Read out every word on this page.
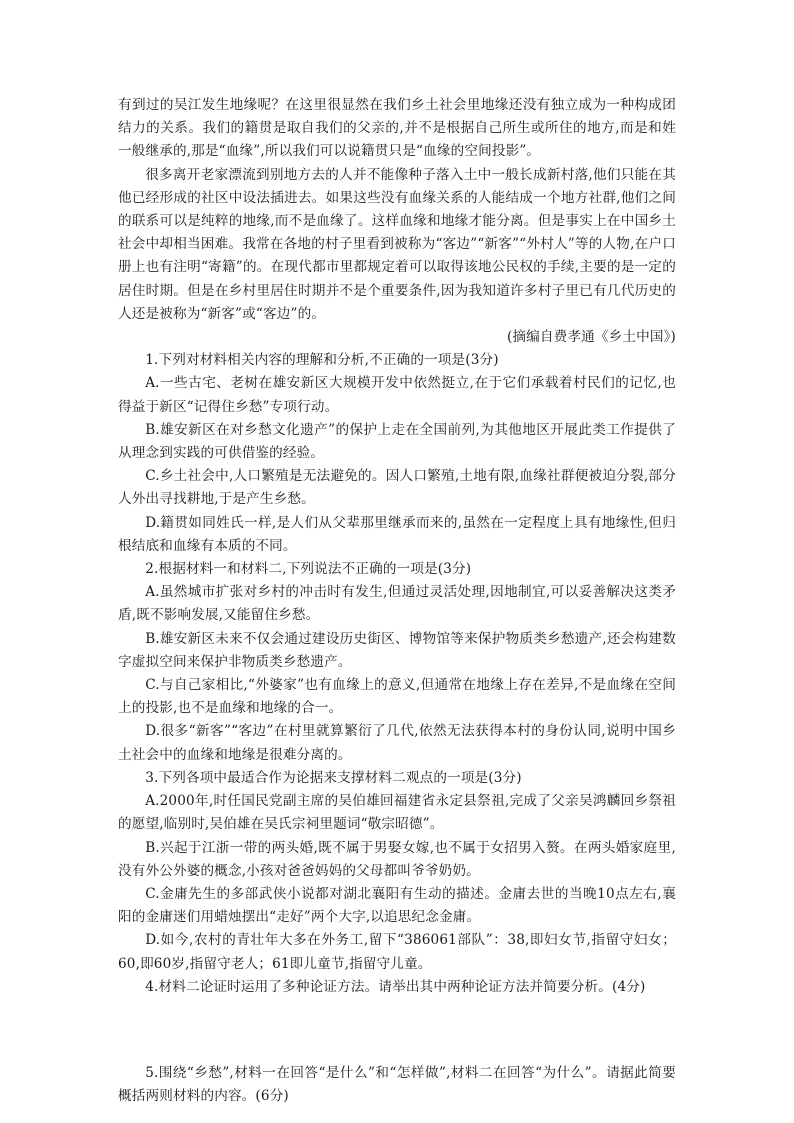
有到过的吴江发生地缘呢？在这里很显然在我们乡土社会里地缘还没有独立成为一种构成团结力的关系。我们的籍贯是取自我们的父亲的,并不是根据自己所生或所住的地方,而是和姓一般继承的,那是“血缘”,所以我们可以说籍贯只是“血缘的空间投影”。

很多离开老家漂流到别地方去的人并不能像种子落入土中一般长成新村落,他们只能在其他已经形成的社区中设法插进去。如果这些没有血缘关系的人能结成一个地方社群,他们之间的联系可以是纯粹的地缘,而不是血缘了。这样血缘和地缘才能分离。但是事实上在中国乡土社会中却相当困难。我常在各地的村子里看到被称为“客边”“新客”“外村人”等的人物,在户口册上也有注明“寄籍”的。在现代都市里都规定着可以取得该地公民权的手续,主要的是一定的居住时期。但是在乡村里居住时期并不是个重要条件,因为我知道许多村子里已有几代历史的人还是被称为“新客”或“客边”的。

(摘编自费孝通《乡土中国》)

1.下列对材料相关内容的理解和分析,不正确的一项是(3分)

A.一些古宅、老树在雄安新区大规模开发中依然挺立,在于它们承载着村民们的记忆,也得益于新区“记得住乡愁”专项行动。

B.雄安新区在对乡愁文化遗产”的保护上走在全国前列,为其他地区开展此类工作提供了从理念到实践的可供借鉴的经验。

C.乡土社会中,人口繁殖是无法避免的。因人口繁殖,土地有限,血缘社群便被迫分裂,部分人外出寻找耕地,于是产生乡愁。

D.籍贯如同姓氏一样,是人们从父辈那里继承而来的,虽然在一定程度上具有地缘性,但归根结底和血缘有本质的不同。

2.根据材料一和材料二,下列说法不正确的一项是(3分)

A.虽然城市扩张对乡村的冲击时有发生,但通过灵活处理,因地制宜,可以妥善解决这类矛盾,既不影响发展,又能留住乡愁。

B.雄安新区未来不仅会通过建设历史街区、博物馆等来保护物质类乡愁遗产,还会构建数字虚拟空间来保护非物质类乡愁遗产。

C.与自己家相比,“外婆家”也有血缘上的意义,但通常在地缘上存在差异,不是血缘在空间上的投影,也不是血缘和地缘的合一。

D.很多“新客”“客边”在村里就算繁衍了几代,依然无法获得本村的身份认同,说明中国乡土社会中的血缘和地缘是很难分离的。

3.下列各项中最适合作为论据来支撑材料二观点的一项是(3分)

A.2000年,时任国民党副主席的吴伯雄回福建省永定县祭祖,完成了父亲吴鸿麟回乡祭祖的愿望,临别时,吴伯雄在吴氏宗祠里题词“敬宗昭德”。

B.兴起于江浙一带的两头婚,既不属于男娶女嫁,也不属于女招男入赘。在两头婚家庭里,没有外公外婆的概念,小孩对爸爸妈妈的父母都叫爷爷奶奶。

C.金庸先生的多部武侠小说都对湖北襄阳有生动的描述。金庸去世的当晚10点左右,襄阳的金庸迷们用蜡烛摆出“走好”两个大字,以追思纪念金庸。

D.如今,农村的青壮年大多在外务工,留下“386061部队”：38,即妇女节,指留守妇女；60,即60岁,指留守老人；61即儿童节,指留守儿童。

4.材料二论证时运用了多种论证方法。请举出其中两种论证方法并简要分析。(4分)

5.围绕“乡愁”,材料一在回答“是什么”和“怎样做”,材料二在回答“为什么”。请据此简要概括两则材料的内容。(6分)
